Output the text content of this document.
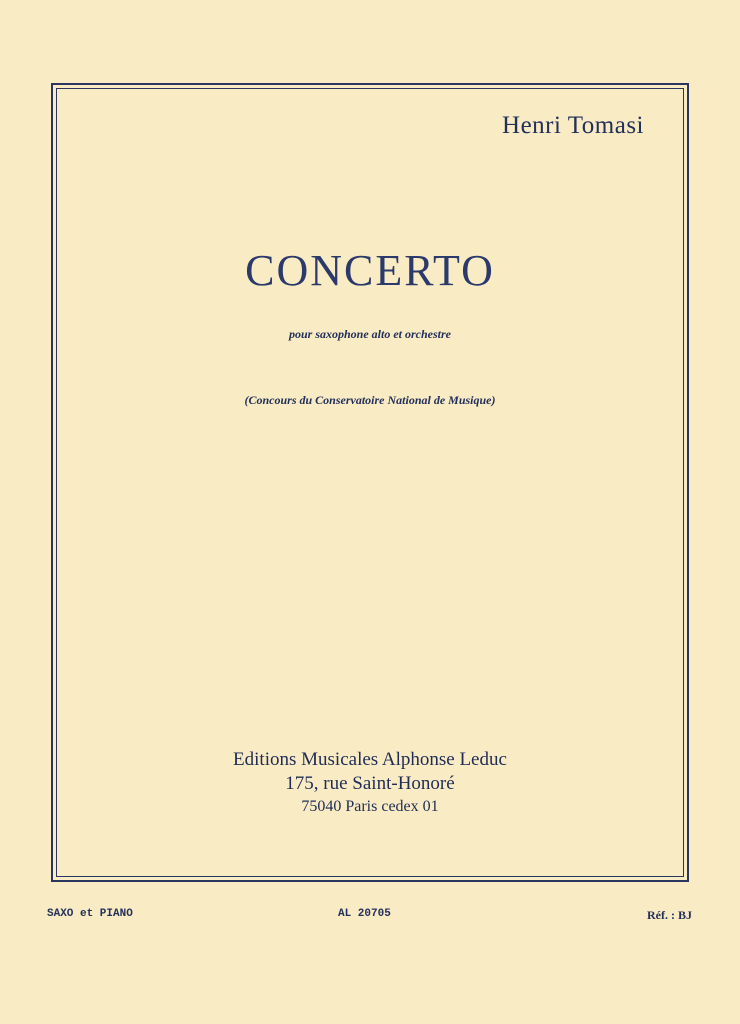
Henri Tomasi
CONCERTO
pour saxophone alto et orchestre
(Concours du Conservatoire National de Musique)
Editions Musicales Alphonse Leduc
175, rue Saint-Honoré
75040 Paris cedex 01
SAXO et PIANO	AL 20705	Réf. : BJ
